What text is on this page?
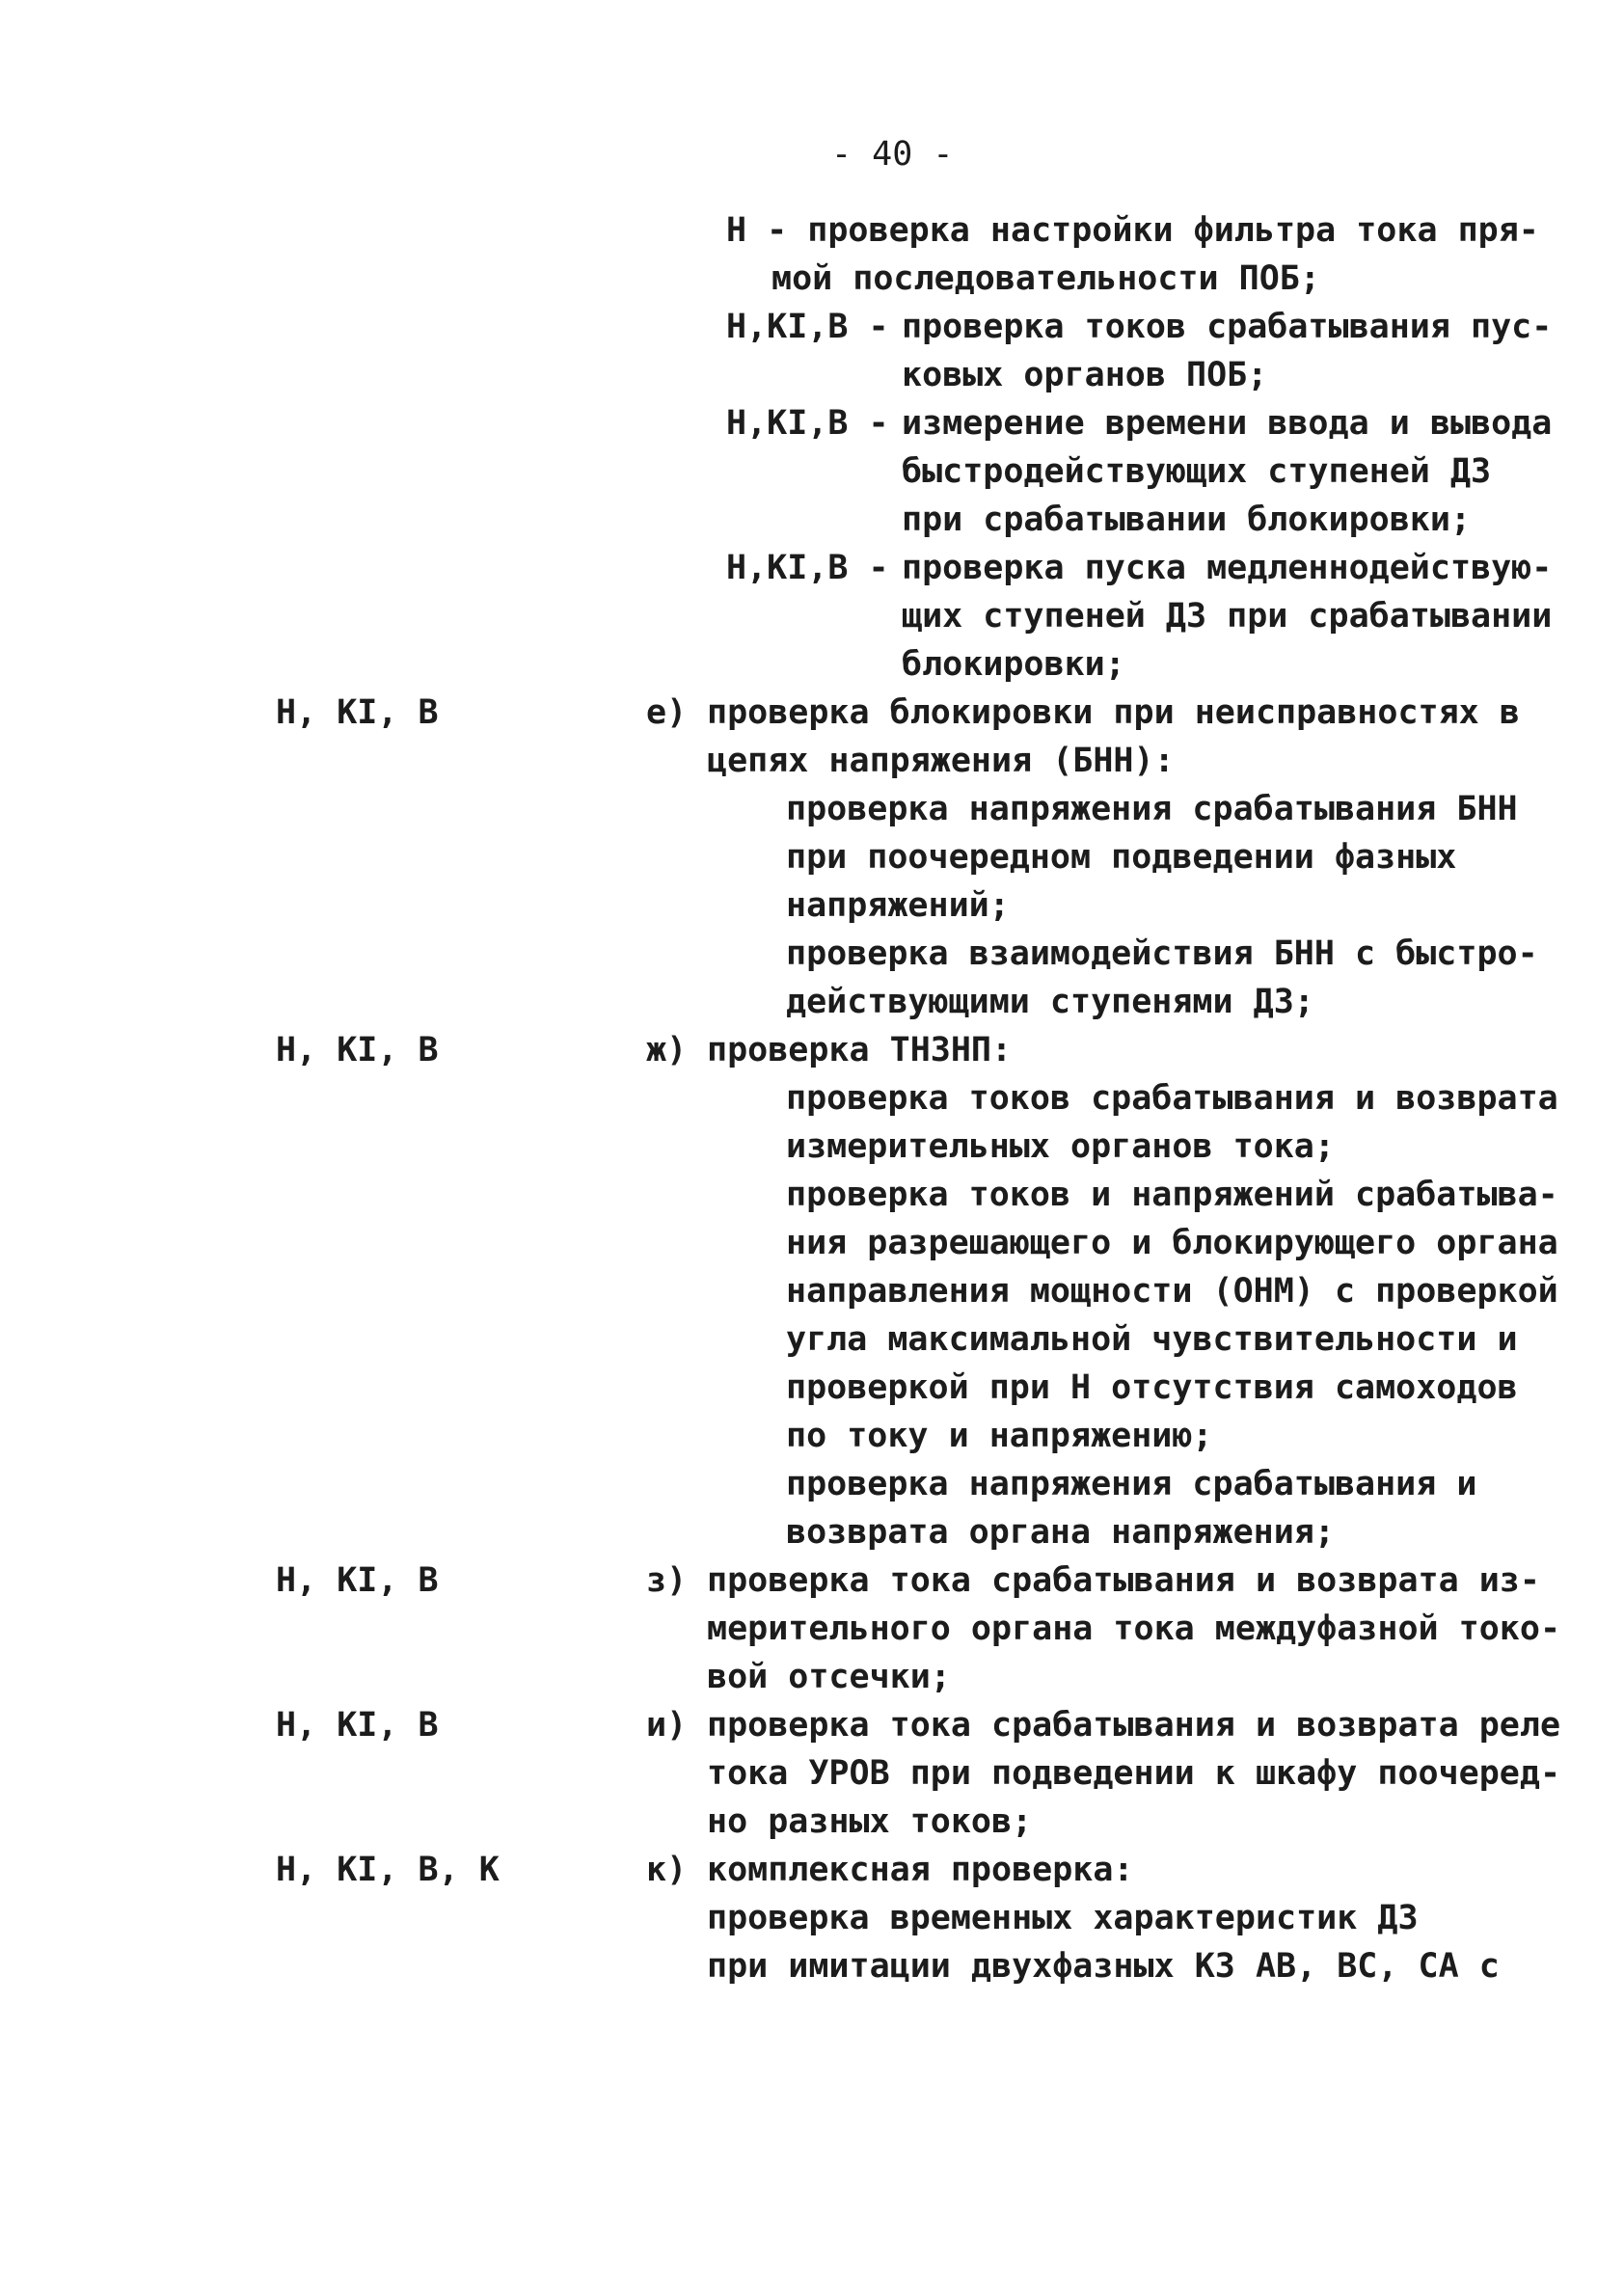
- 40 -
Н - проверка настройки фильтра тока пря-
мой последовательности ПОБ;
Н,КI,В - проверка токов срабатывания пус-
ковых органов ПОБ;
Н,КI,В - измерение времени ввода и вывода
быстродействующих ступеней ДЗ
при срабатывании блокировки;
Н,КI,В - проверка пуска медленнодействую-
щих ступеней ДЗ при срабатывании
блокировки;
Н, КI, В	е) проверка блокировки при неисправностях в
цепях напряжения (БНН):
проверка напряжения срабатывания БНН
при поочередном подведении фазных
напряжений;
проверка взаимодействия БНН с быстро-
действующими ступенями ДЗ;
Н, КI, В	ж) проверка ТНЗНП:
проверка токов срабатывания и возврата
измерительных органов тока;
проверка токов и напряжений срабатыва-
ния разрешающего и блокирующего органа
направления мощности (ОНМ) с проверкой
угла максимальной чувствительности и
проверкой при Н отсутствия самоходов
по току и напряжению;
проверка напряжения срабатывания и
возврата органа напряжения;
Н, КI, В	з) проверка тока срабатывания и возврата из-
мерительного органа тока междуфазной токо-
вой отсечки;
Н, КI, В	и) проверка тока срабатывания и возврата реле
тока УРОВ при подведении к шкафу поочеред-
но разных токов;
Н, КI, В, К	к) комплексная проверка:
проверка временных характеристик ДЗ
при имитации двухфазных КЗ АВ, ВС, СА с
